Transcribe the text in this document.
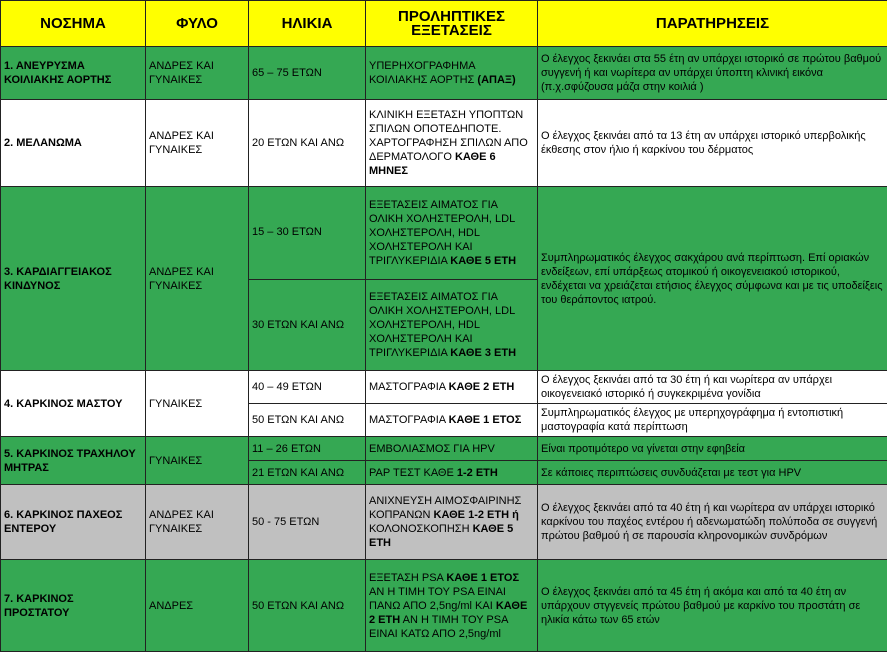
ΝΟΣΗΜΑ	ΦΥΛΟ	ΗΛΙΚΙΑ	ΠΡΟΛΗΠΤΙΚΕΣ ΕΞΕΤΑΣΕΙΣ	ΠΑΡΑΤΗΡΗΣΕΙΣ
1. ΑΝΕΥΡΥΣΜΑ ΚΟΙΛΙΑΚΗΣ ΑΟΡΤΗΣ	ΑΝΔΡΕΣ ΚΑΙ ΓΥΝΑΙΚΕΣ	65 – 75 ΕΤΩΝ	ΥΠΕΡΗΧΟΓΡΑΦΗΜΑ ΚΟΙΛΙΑΚΗΣ ΑΟΡΤΗΣ (ΑΠΑΞ)	Ο έλεγχος ξεκινάει στα 55 έτη αν υπάρχει ιστορικό σε πρώτου βαθμού συγγενή ή και νωρίτερα αν υπάρχει ύποπτη κλινική εικόνα (π.χ.σφύζουσα μάζα στην κοιλιά )
2. ΜΕΛΑΝΩΜΑ	ΑΝΔΡΕΣ ΚΑΙ ΓΥΝΑΙΚΕΣ	20 ΕΤΩΝ ΚΑΙ ΑΝΩ	ΚΛΙΝΙΚΗ ΕΞΕΤΑΣΗ ΥΠΟΠΤΩΝ ΣΠΙΛΩΝ ΟΠΟΤΕΔΗΠΟΤΕ. ΧΑΡΤΟΓΡΑΦΗΣΗ ΣΠΙΛΩΝ ΑΠΟ ΔΕΡΜΑΤΟΛΟΓΟ ΚΑΘΕ 6 ΜΗΝΕΣ	Ο έλεγχος ξεκινάει από τα 13 έτη αν υπάρχει ιστορικό υπερβολικής έκθεσης στον ήλιο ή καρκίνου του δέρματος
3. ΚΑΡΔΙΑΓΓΕΙΑΚΟΣ ΚΙΝΔΥΝΟΣ	ΑΝΔΡΕΣ ΚΑΙ ΓΥΝΑΙΚΕΣ	15 – 30 ΕΤΩΝ	ΕΞΕΤΑΣΕΙΣ ΑΙΜΑΤΟΣ ΓΙΑ ΟΛΙΚΗ ΧΟΛΗΣΤΕΡΟΛΗ, LDL ΧΟΛΗΣΤΕΡΟΛΗ, HDL ΧΟΛΗΣΤΕΡΟΛΗ ΚΑΙ ΤΡΙΓΛΥΚΕΡΙΔΙΑ ΚΑΘΕ 5 ΕΤΗ	Συμπληρωματικός έλεγχος σακχάρου ανά περίπτωση. Επί οριακών ενδείξεων, επί υπάρξεως ατομικού ή οικογενειακού ιστορικού, ενδέχεται να χρειάζεται ετήσιος έλεγχος σύμφωνα και με τις υποδείξεις του θεράποντος ιατρού.
		30 ΕΤΩΝ ΚΑΙ ΑΝΩ	ΕΞΕΤΑΣΕΙΣ ΑΙΜΑΤΟΣ ΓΙΑ ΟΛΙΚΗ ΧΟΛΗΣΤΕΡΟΛΗ, LDL ΧΟΛΗΣΤΕΡΟΛΗ, HDL ΧΟΛΗΣΤΕΡΟΛΗ ΚΑΙ ΤΡΙΓΛΥΚΕΡΙΔΙΑ ΚΑΘΕ 3 ΕΤΗ	
4. ΚΑΡΚΙΝΟΣ ΜΑΣΤΟΥ	ΓΥΝΑΙΚΕΣ	40 – 49 ΕΤΩΝ	ΜΑΣΤΟΓΡΑΦΙΑ ΚΑΘΕ 2 ΕΤΗ	Ο έλεγχος ξεκινάει από τα 30 έτη ή και νωρίτερα αν υπάρχει οικογενειακό ιστορικό ή συγκεκριμένα γονίδια
		50 ΕΤΩΝ ΚΑΙ ΑΝΩ	ΜΑΣΤΟΓΡΑΦΙΑ ΚΑΘΕ 1 ΕΤΟΣ	Συμπληρωματικός έλεγχος με υπερηχογράφημα ή εντοπιστική μαστογραφία κατά περίπτωση
5. ΚΑΡΚΙΝΟΣ ΤΡΑΧΗΛΟΥ ΜΗΤΡΑΣ	ΓΥΝΑΙΚΕΣ	11 – 26 ΕΤΩΝ	ΕΜΒΟΛΙΑΣΜΟΣ ΓΙΑ HPV	Είναι προτιμότερο να γίνεται στην εφηβεία
		21 ΕΤΩΝ ΚΑΙ ΑΝΩ	PAP ΤΕΣΤ ΚΑΘΕ 1-2 ΕΤΗ	Σε κάποιες περιπτώσεις συνδυάζεται με τεστ για HPV
6. ΚΑΡΚΙΝΟΣ ΠΑΧΕΟΣ ΕΝΤΕΡΟΥ	ΑΝΔΡΕΣ ΚΑΙ ΓΥΝΑΙΚΕΣ	50 - 75 ΕΤΩΝ	ΑΝΙΧΝΕΥΣΗ ΑΙΜΟΣΦΑΙΡΙΝΗΣ ΚΟΠΡΑΝΩΝ ΚΑΘΕ 1-2 ΕΤΗ ή ΚΟΛΟΝΟΣΚΟΠΗΣΗ ΚΑΘΕ 5 ΕΤΗ	Ο έλεγχος ξεκινάει από τα 40 έτη ή και νωρίτερα αν υπάρχει ιστορικό καρκίνου του παχέος εντέρου ή αδενωματώδη πολύποδα σε συγγενή πρώτου βαθμού ή σε παρουσία κληρονομικών συνδρόμων
7. ΚΑΡΚΙΝΟΣ ΠΡΟΣΤΑΤΟΥ	ΑΝΔΡΕΣ	50 ΕΤΩΝ ΚΑΙ ΑΝΩ	ΕΞΕΤΑΣΗ PSA ΚΑΘΕ 1 ΕΤΟΣ ΑΝ Η ΤΙΜΗ ΤΟΥ PSA ΕΙΝΑΙ ΠΑΝΩ ΑΠΟ 2,5ng/ml ΚΑΙ ΚΑΘΕ 2 ΕΤΗ ΑΝ Η ΤΙΜΗ ΤΟΥ PSA ΕΙΝΑΙ ΚΑΤΩ ΑΠΟ 2,5ng/ml	Ο έλεγχος ξεκινάει από τα 45 έτη ή ακόμα και από τα 40 έτη αν υπάρχουν στγγενείς πρώτου βαθμού με καρκίνο του προστάτη σε ηλικία κάτω των 65 ετών
